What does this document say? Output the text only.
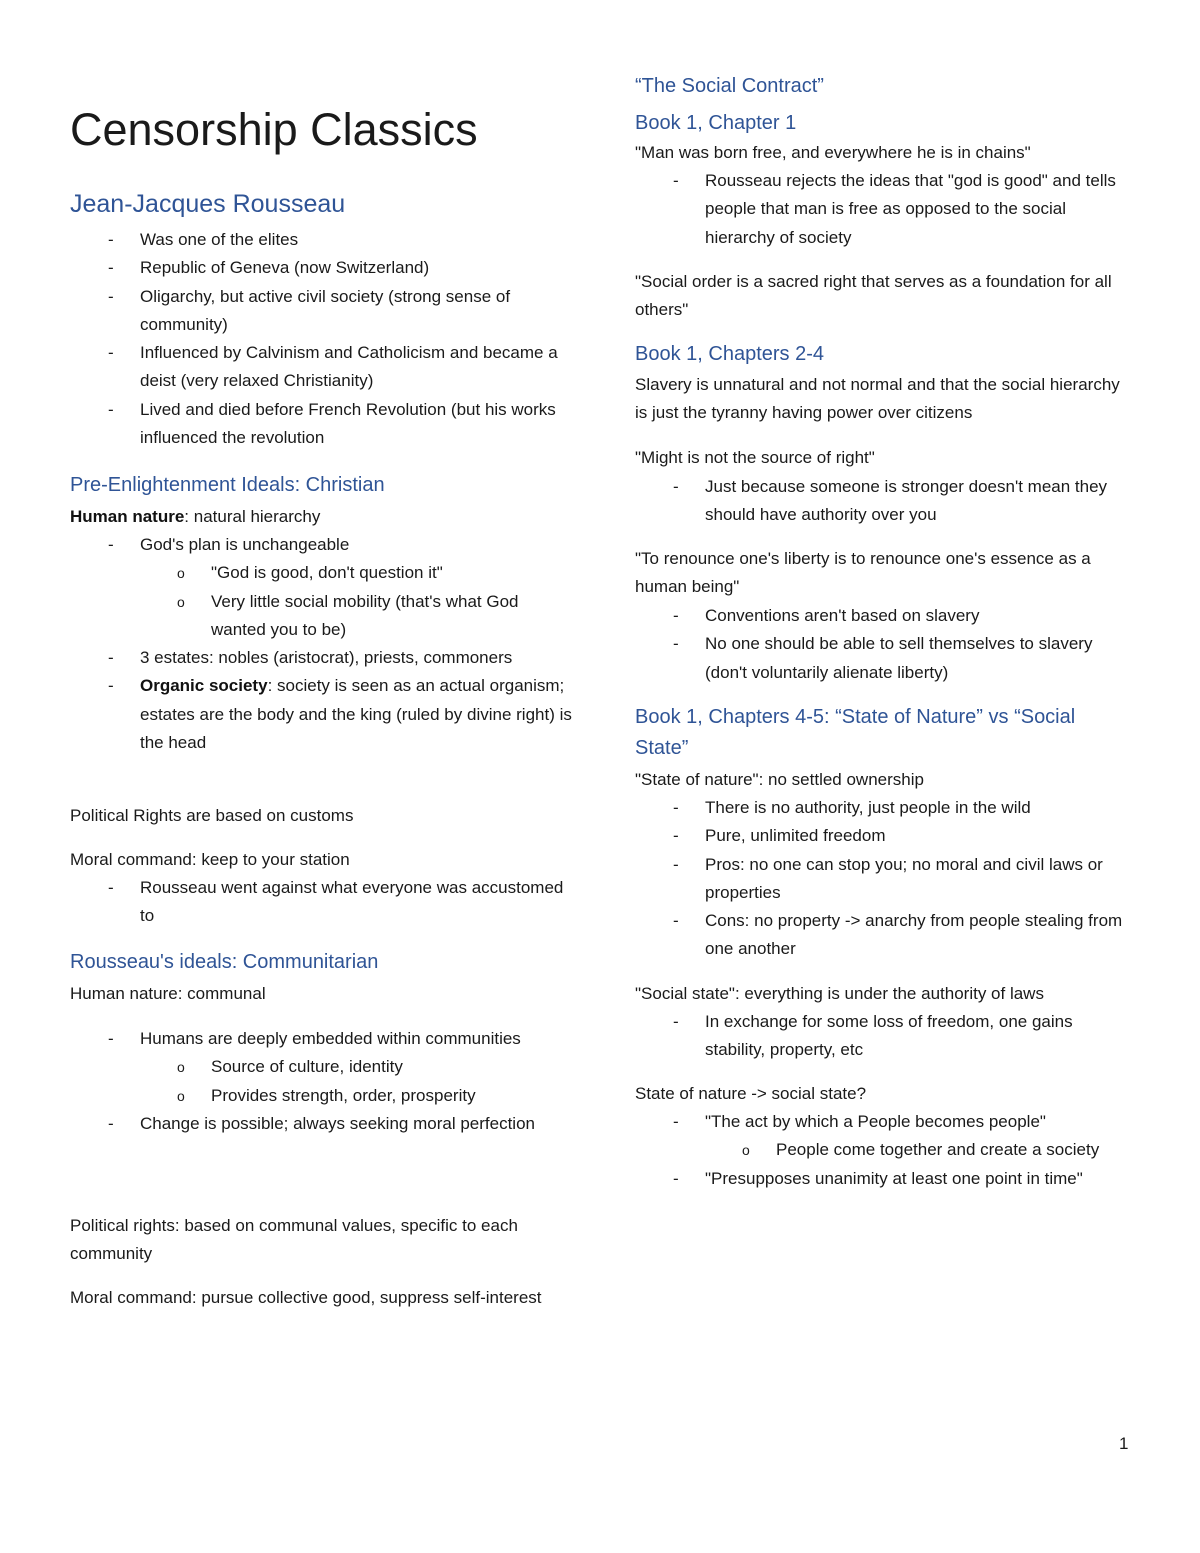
Censorship Classics
Jean-Jacques Rousseau
-	Was one of the elites
-	Republic of Geneva (now Switzerland)
-	Oligarchy, but active civil society (strong sense of community)
-	Influenced by Calvinism and Catholicism and became a deist (very relaxed Christianity)
-	Lived and died before French Revolution (but his works influenced the revolution
Pre-Enlightenment Ideals: Christian

Human nature: natural hierarchy

-	God's plan is unchangeable
o "God is good, don't question it"
o Very little social mobility (that's what God wanted you to be)
-	3 estates: nobles (aristocrat), priests, commoners
-	Organic society: society is seen as an actual organism; estates are the body and the king (ruled by divine right) is the head

Political Rights are based on customs

Moral command: keep to your station

-	Rousseau went against what everyone was accustomed to
Rousseau's ideals: Communitarian

Human nature: communal

-	Humans are deeply embedded within communities
o Source of culture, identity
o Provides strength, order, prosperity
-	Change is possible; always seeking moral perfection

Political rights: based on communal values, specific to each community

Moral command: pursue collective good, suppress self-interest

“The Social Contract”
Book 1, Chapter 1

"Man was born free, and everywhere he is in chains"

-	Rousseau rejects the ideas that "god is good" and tells people that man is free as opposed to the social hierarchy of society

"Social order is a sacred right that serves as a foundation for all others"

Book 1, Chapters 2-4

Slavery is unnatural and not normal and that the social hierarchy is just the tyranny having power over citizens

"Might is not the source of right"

-	Just because someone is stronger doesn't mean they should have authority over you

"To renounce one's liberty is to renounce one's essence as a human being"

-	Conventions aren't based on slavery
-	No one should be able to sell themselves to slavery (don't voluntarily alienate liberty)
Book 1, Chapters 4-5: “State of Nature” vs “Social State”

"State of nature": no settled ownership

-	There is no authority, just people in the wild
-	Pure, unlimited freedom
-	Pros: no one can stop you; no moral and civil laws or properties
-	Cons: no property -> anarchy from people stealing from one another

"Social state": everything is under the authority of laws

-	In exchange for some loss of freedom, one gains stability, property, etc

State of nature -> social state?

-	"The act by which a People becomes people"
o People come together and create a society
-	"Presupposes unanimity at least one point in time"
1
